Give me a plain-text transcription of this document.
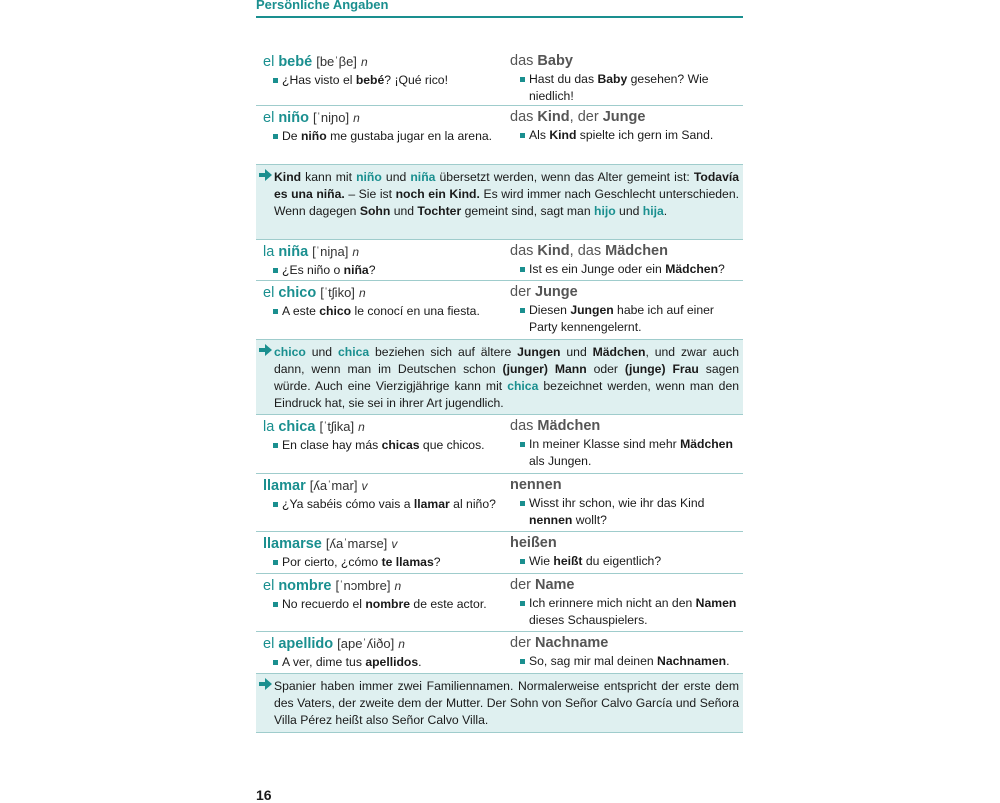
Persönliche Angaben
el bebé [beˈβe] n
¿Has visto el bebé? ¡Qué rico!
das Baby
Hast du das Baby gesehen? Wie niedlich!
el niño [ˈniɲo] n
De niño me gustaba jugar en la arena.
das Kind, der Junge
Als Kind spielte ich gern im Sand.
Kind kann mit niño und niña übersetzt werden, wenn das Alter gemeint ist: Todavía es una niña. – Sie ist noch ein Kind. Es wird immer nach Geschlecht unterschieden. Wenn dagegen Sohn und Tochter gemeint sind, sagt man hijo und hija.
la niña [ˈniɲa] n
¿Es niño o niña?
das Kind, das Mädchen
Ist es ein Junge oder ein Mädchen?
el chico [ˈtʃiko] n
A este chico le conocí en una fiesta.
der Junge
Diesen Jungen habe ich auf einer Party kennengelernt.
chico und chica beziehen sich auf ältere Jungen und Mädchen, und zwar auch dann, wenn man im Deutschen schon (junger) Mann oder (junge) Frau sagen würde. Auch eine Vierzigjährige kann mit chica bezeichnet werden, wenn man den Eindruck hat, sie sei in ihrer Art jugendlich.
la chica [ˈtʃika] n
En clase hay más chicas que chicos.
das Mädchen
In meiner Klasse sind mehr Mädchen als Jungen.
llamar [ʎaˈmar] v
¿Ya sabéis cómo vais a llamar al niño?
nennen
Wisst ihr schon, wie ihr das Kind nennen wollt?
llamarse [ʎaˈmarse] v
Por cierto, ¿cómo te llamas?
heißen
Wie heißt du eigentlich?
el nombre [ˈnɔmbre] n
No recuerdo el nombre de este actor.
der Name
Ich erinnere mich nicht an den Namen dieses Schauspielers.
el apellido [apeˈʎiðo] n
A ver, dime tus apellidos.
der Nachname
So, sag mir mal deinen Nachnamen.
Spanier haben immer zwei Familiennamen. Normalerweise entspricht der erste dem des Vaters, der zweite dem der Mutter. Der Sohn von Señor Calvo García und Señora Villa Pérez heißt also Señor Calvo Villa.
16
